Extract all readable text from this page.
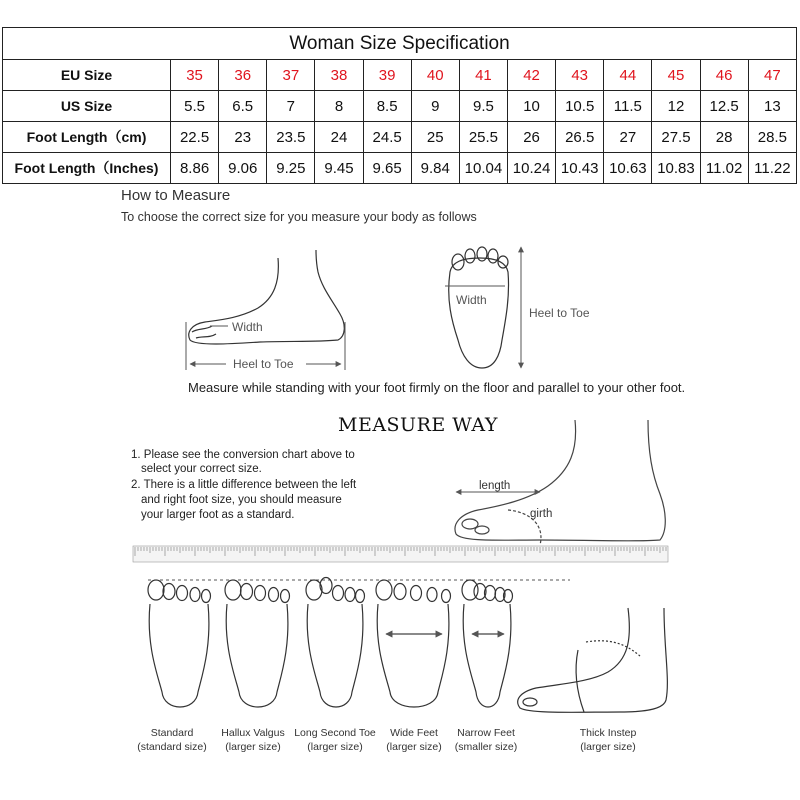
Woman Size Specification													
EU Size	35	36	37	38	39	40	41	42	43	44	45	46	47
US Size	5.5	6.5	7	8	8.5	9	9.5	10	10.5	11.5	12	12.5	13
Foot Length（cm)	22.5	23	23.5	24	24.5	25	25.5	26	26.5	27	27.5	28	28.5
Foot Length（Inches)	8.86	9.06	9.25	9.45	9.65	9.84	10.04	10.24	10.43	10.63	10.83	11.02	11.22
How to Measure
To choose the correct size for you measure your body as follows
Width
Heel to Toe
Width
Heel to Toe
Measure while standing with your foot firmly on the floor and parallel to your other foot.
MEASURE WAY
1. Please see the conversion chart above to
select your correct size.
2. There is a little difference between the left
and right foot size, you should measure
your larger foot as a standard.
length
girth
Standard
(standard size)
Hallux Valgus
(larger size)
Long Second Toe
(larger size)
Wide Feet
(larger size)
Narrow Feet
(smaller size)
Thick Instep
(larger size)
